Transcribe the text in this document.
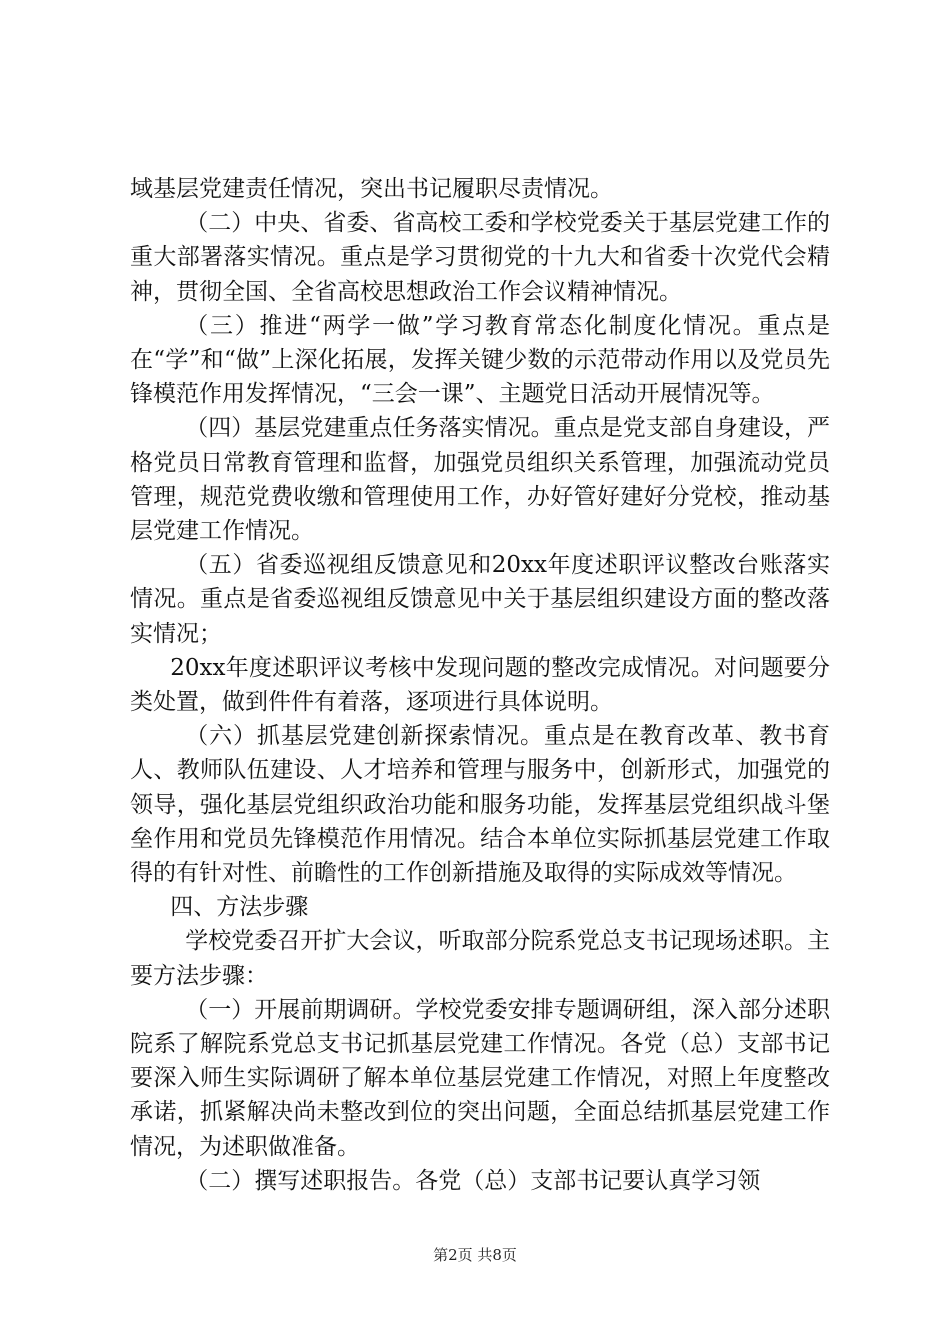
域基层党建责任情况，突出书记履职尽责情况。

（二）中央、省委、省高校工委和学校党委关于基层党建工作的重大部署落实情况。重点是学习贯彻党的十九大和省委十次党代会精神，贯彻全国、全省高校思想政治工作会议精神情况。

（三）推进“两学一做”学习教育常态化制度化情况。重点是在“学”和“做”上深化拓展，发挥关键少数的示范带动作用以及党员先锋模范作用发挥情况，“三会一课”、主题党日活动开展情况等。

（四）基层党建重点任务落实情况。重点是党支部自身建设，严格党员日常教育管理和监督，加强党员组织关系管理，加强流动党员管理，规范党费收缴和管理使用工作，办好管好建好分党校，推动基层党建工作情况。

（五）省委巡视组反馈意见和20xx年度述职评议整改台账落实情况。重点是省委巡视组反馈意见中关于基层组织建设方面的整改落实情况；

20xx年度述职评议考核中发现问题的整改完成情况。对问题要分类处置，做到件件有着落，逐项进行具体说明。

（六）抓基层党建创新探索情况。重点是在教育改革、教书育人、教师队伍建设、人才培养和管理与服务中，创新形式，加强党的领导，强化基层党组织政治功能和服务功能，发挥基层党组织战斗堡垒作用和党员先锋模范作用情况。结合本单位实际抓基层党建工作取得的有针对性、前瞻性的工作创新措施及取得的实际成效等情况。

四、方法步骤

学校党委召开扩大会议，听取部分院系党总支书记现场述职。主要方法步骤：

（一）开展前期调研。学校党委安排专题调研组，深入部分述职院系了解院系党总支书记抓基层党建工作情况。各党（总）支部书记要深入师生实际调研了解本单位基层党建工作情况，对照上年度整改承诺，抓紧解决尚未整改到位的突出问题，全面总结抓基层党建工作情况，为述职做准备。

（二）撰写述职报告。各党（总）支部书记要认真学习领

第2页 共8页
